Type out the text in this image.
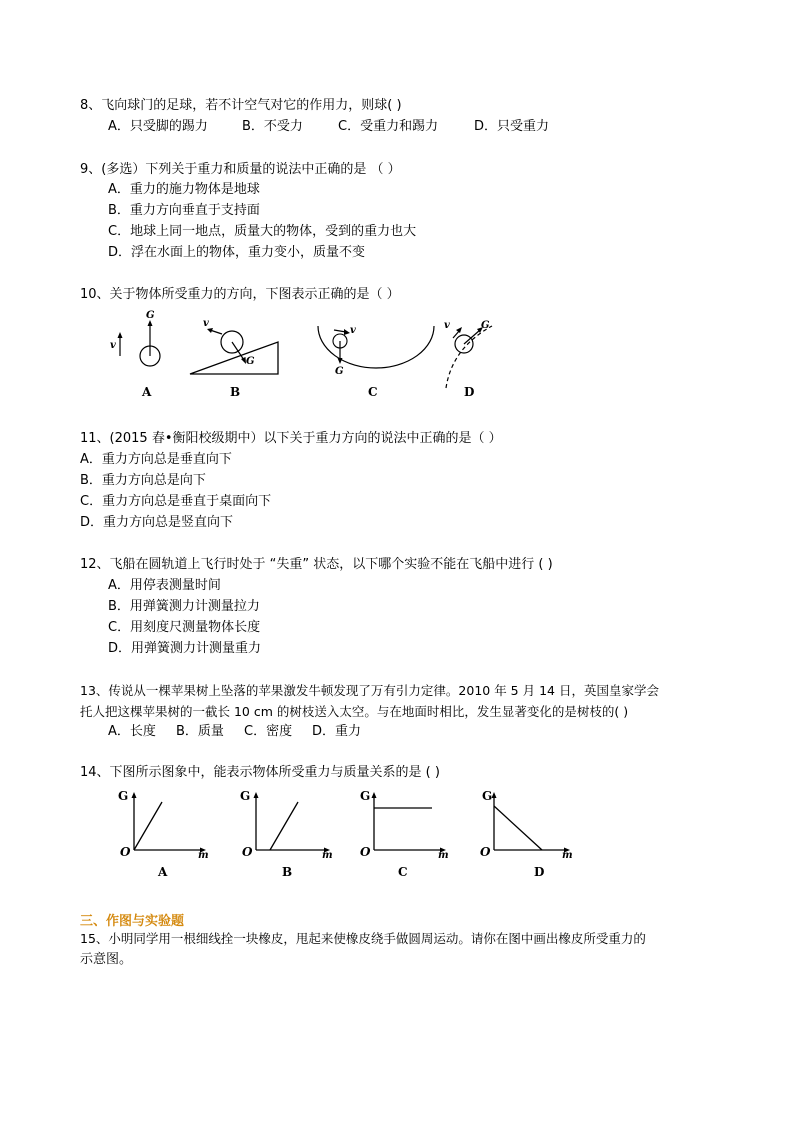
8、飞向球门的足球，若不计空气对它的作用力，则球( )
A．只受脚的踢力	B．不受力	C．受重力和踢力	D．只受重力
9、(多选）下列关于重力和质量的说法中正确的是 （ ）
A．重力的施力物体是地球
B．重力方向垂直于支持面
C．地球上同一地点，质量大的物体，受到的重力也大
D．浮在水面上的物体，重力变小，质量不变
10、关于物体所受重力的方向，下图表示正确的是（ ）
v
G
A
G
v
B
G
v
C
G
v
D
11、(2015 春•衡阳校级期中）以下关于重力方向的说法中正确的是（ ）
A．重力方向总是垂直向下
B．重力方向总是向下
C．重力方向总是垂直于桌面向下
D．重力方向总是竖直向下
12、飞船在圆轨道上飞行时处于 “失重” 状态，以下哪个实验不能在飞船中进行 ( )
A．用停表测量时间
B．用弹簧测力计测量拉力
C．用刻度尺测量物体长度
D．用弹簧测力计测量重力
13、传说从一棵苹果树上坠落的苹果激发牛顿发现了万有引力定律。2010 年 5 月 14 日，英国皇家学会
托人把这棵苹果树的一截长 10 cm 的树枝送入太空。与在地面时相比，发生显著变化的是树枝的( )
A．长度 B．质量 C．密度 D．重力
14、下图所示图象中，能表示物体所受重力与质量关系的是 ( )
G
O	m
A
G
O	m
B
G
O	m
C
G
O	m
D
三、作图与实验题
15、小明同学用一根细线拴一块橡皮，甩起来使橡皮绕手做圆周运动。请你在图中画出橡皮所受重力的
示意图。
